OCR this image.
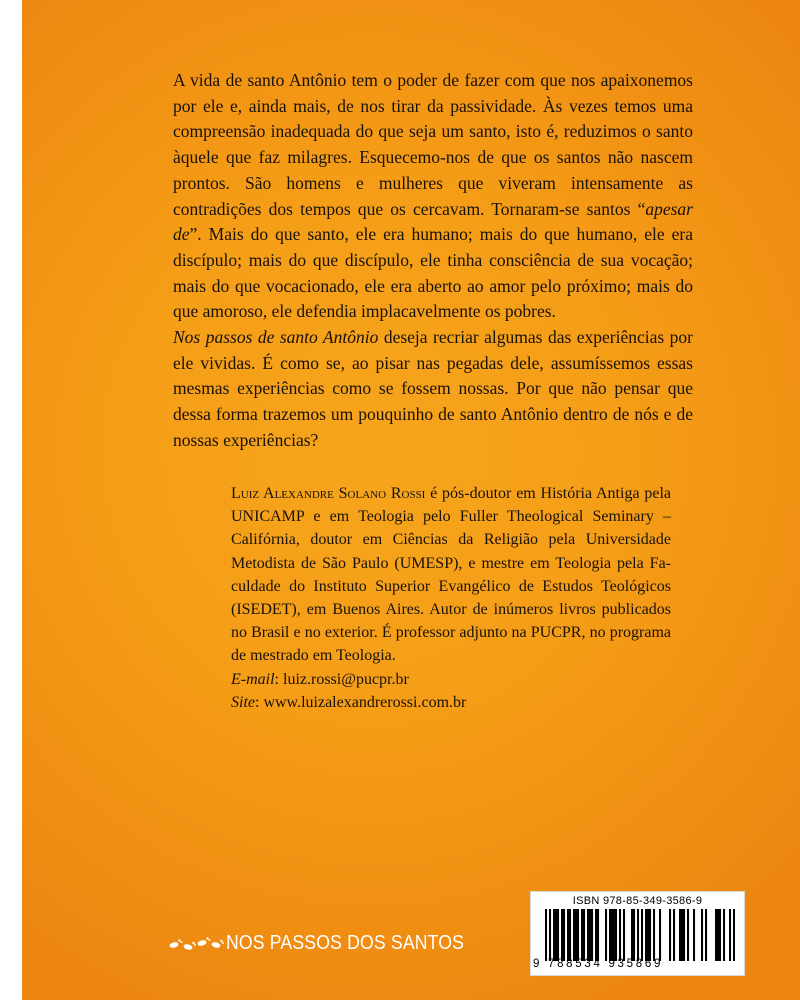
A vida de santo Antônio tem o poder de fazer com que nos apaixonemos por ele e, ainda mais, de nos tirar da passividade. Às vezes temos uma compreensão inadequada do que seja um santo, isto é, reduzimos o santo àquele que faz milagres. Esquecemo-nos de que os santos não nascem prontos. São homens e mulheres que viveram intensamente as contradições dos tempos que os cercavam. Tornaram-se santos “apesar de”. Mais do que santo, ele era humano; mais do que humano, ele era discípulo; mais do que discípulo, ele tinha consciência de sua vocação; mais do que vocacionado, ele era aberto ao amor pelo próximo; mais do que amoroso, ele defendia implacavelmente os pobres.

Nos passos de santo Antônio deseja recriar algumas das experiências por ele vividas. É como se, ao pisar nas pegadas dele, assumíssemos essas mesmas experiências como se fossem nossas. Por que não pensar que dessa forma trazemos um pouquinho de santo Antônio dentro de nós e de nossas experiências?

Luiz Alexandre Solano Rossi é pós-doutor em História Antiga pela UNICAMP e em Teologia pelo Fuller Theological Seminary – Califórnia, doutor em Ciências da Religião pela Universidade Metodista de São Paulo (UMESP), e mestre em Teologia pela Faculdade do Instituto Superior Evangélico de Estudos Teológicos (ISEDET), em Buenos Aires. Autor de inúmeros livros publicados no Brasil e no exterior. É professor adjunto na PUCPR, no programa de mestrado em Teologia.

E-mail: luiz.rossi@pucpr.br

Site: www.luizalexandrerossi.com.br

ISBN 978-85-349-3586-9
9 788534 935869
NOS PASSOS DOS SANTOS
